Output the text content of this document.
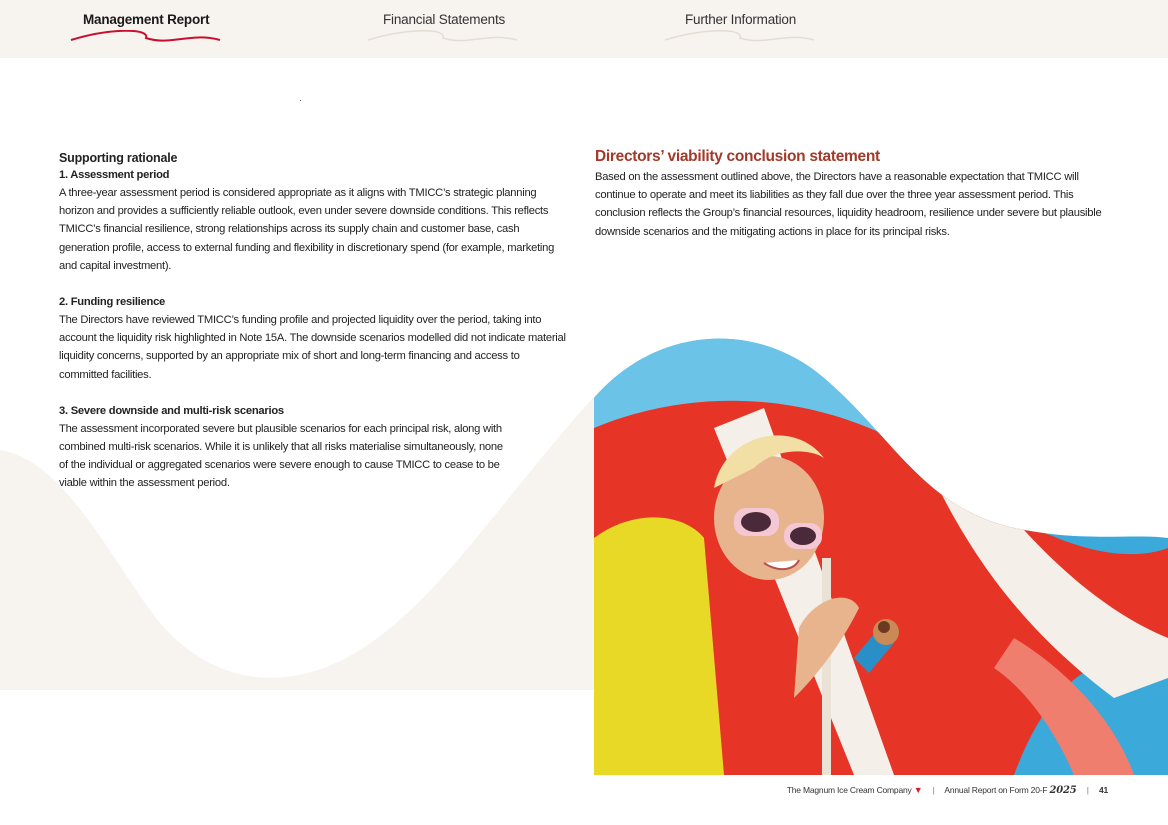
Management Report	Financial Statements	Further Information
Supporting rationale
1. Assessment period

A three-year assessment period is considered appropriate as it aligns with TMICC’s strategic planning horizon and provides a sufficiently reliable outlook, even under severe downside conditions. This reflects TMICC’s financial resilience, strong relationships across its supply chain and customer base, cash generation profile, access to external funding and flexibility in discretionary spend (for example, marketing and capital investment).

2. Funding resilience

The Directors have reviewed TMICC’s funding profile and projected liquidity over the period, taking into account the liquidity risk highlighted in Note 15A. The downside scenarios modelled did not indicate material liquidity concerns, supported by an appropriate mix of short and long-term financing and access to committed facilities.

3. Severe downside and multi-risk scenarios

The assessment incorporated severe but plausible scenarios for each principal risk, along with combined multi-risk scenarios. While it is unlikely that all risks materialise simultaneously, none of the individual or aggregated scenarios were severe enough to cause TMICC to cease to be viable within the assessment period.

Directors’ viability conclusion statement

Based on the assessment outlined above, the Directors have a reasonable expectation that TMICC will continue to operate and meet its liabilities as they fall due over the three year assessment period. This conclusion reflects the Group’s financial resources, liquidity headroom, resilience under severe but plausible downside scenarios and the mitigating actions in place for its principal risks.

The Magnum Ice Cream Company ▼ | Annual Report on Form 20-F 2025 | 41
